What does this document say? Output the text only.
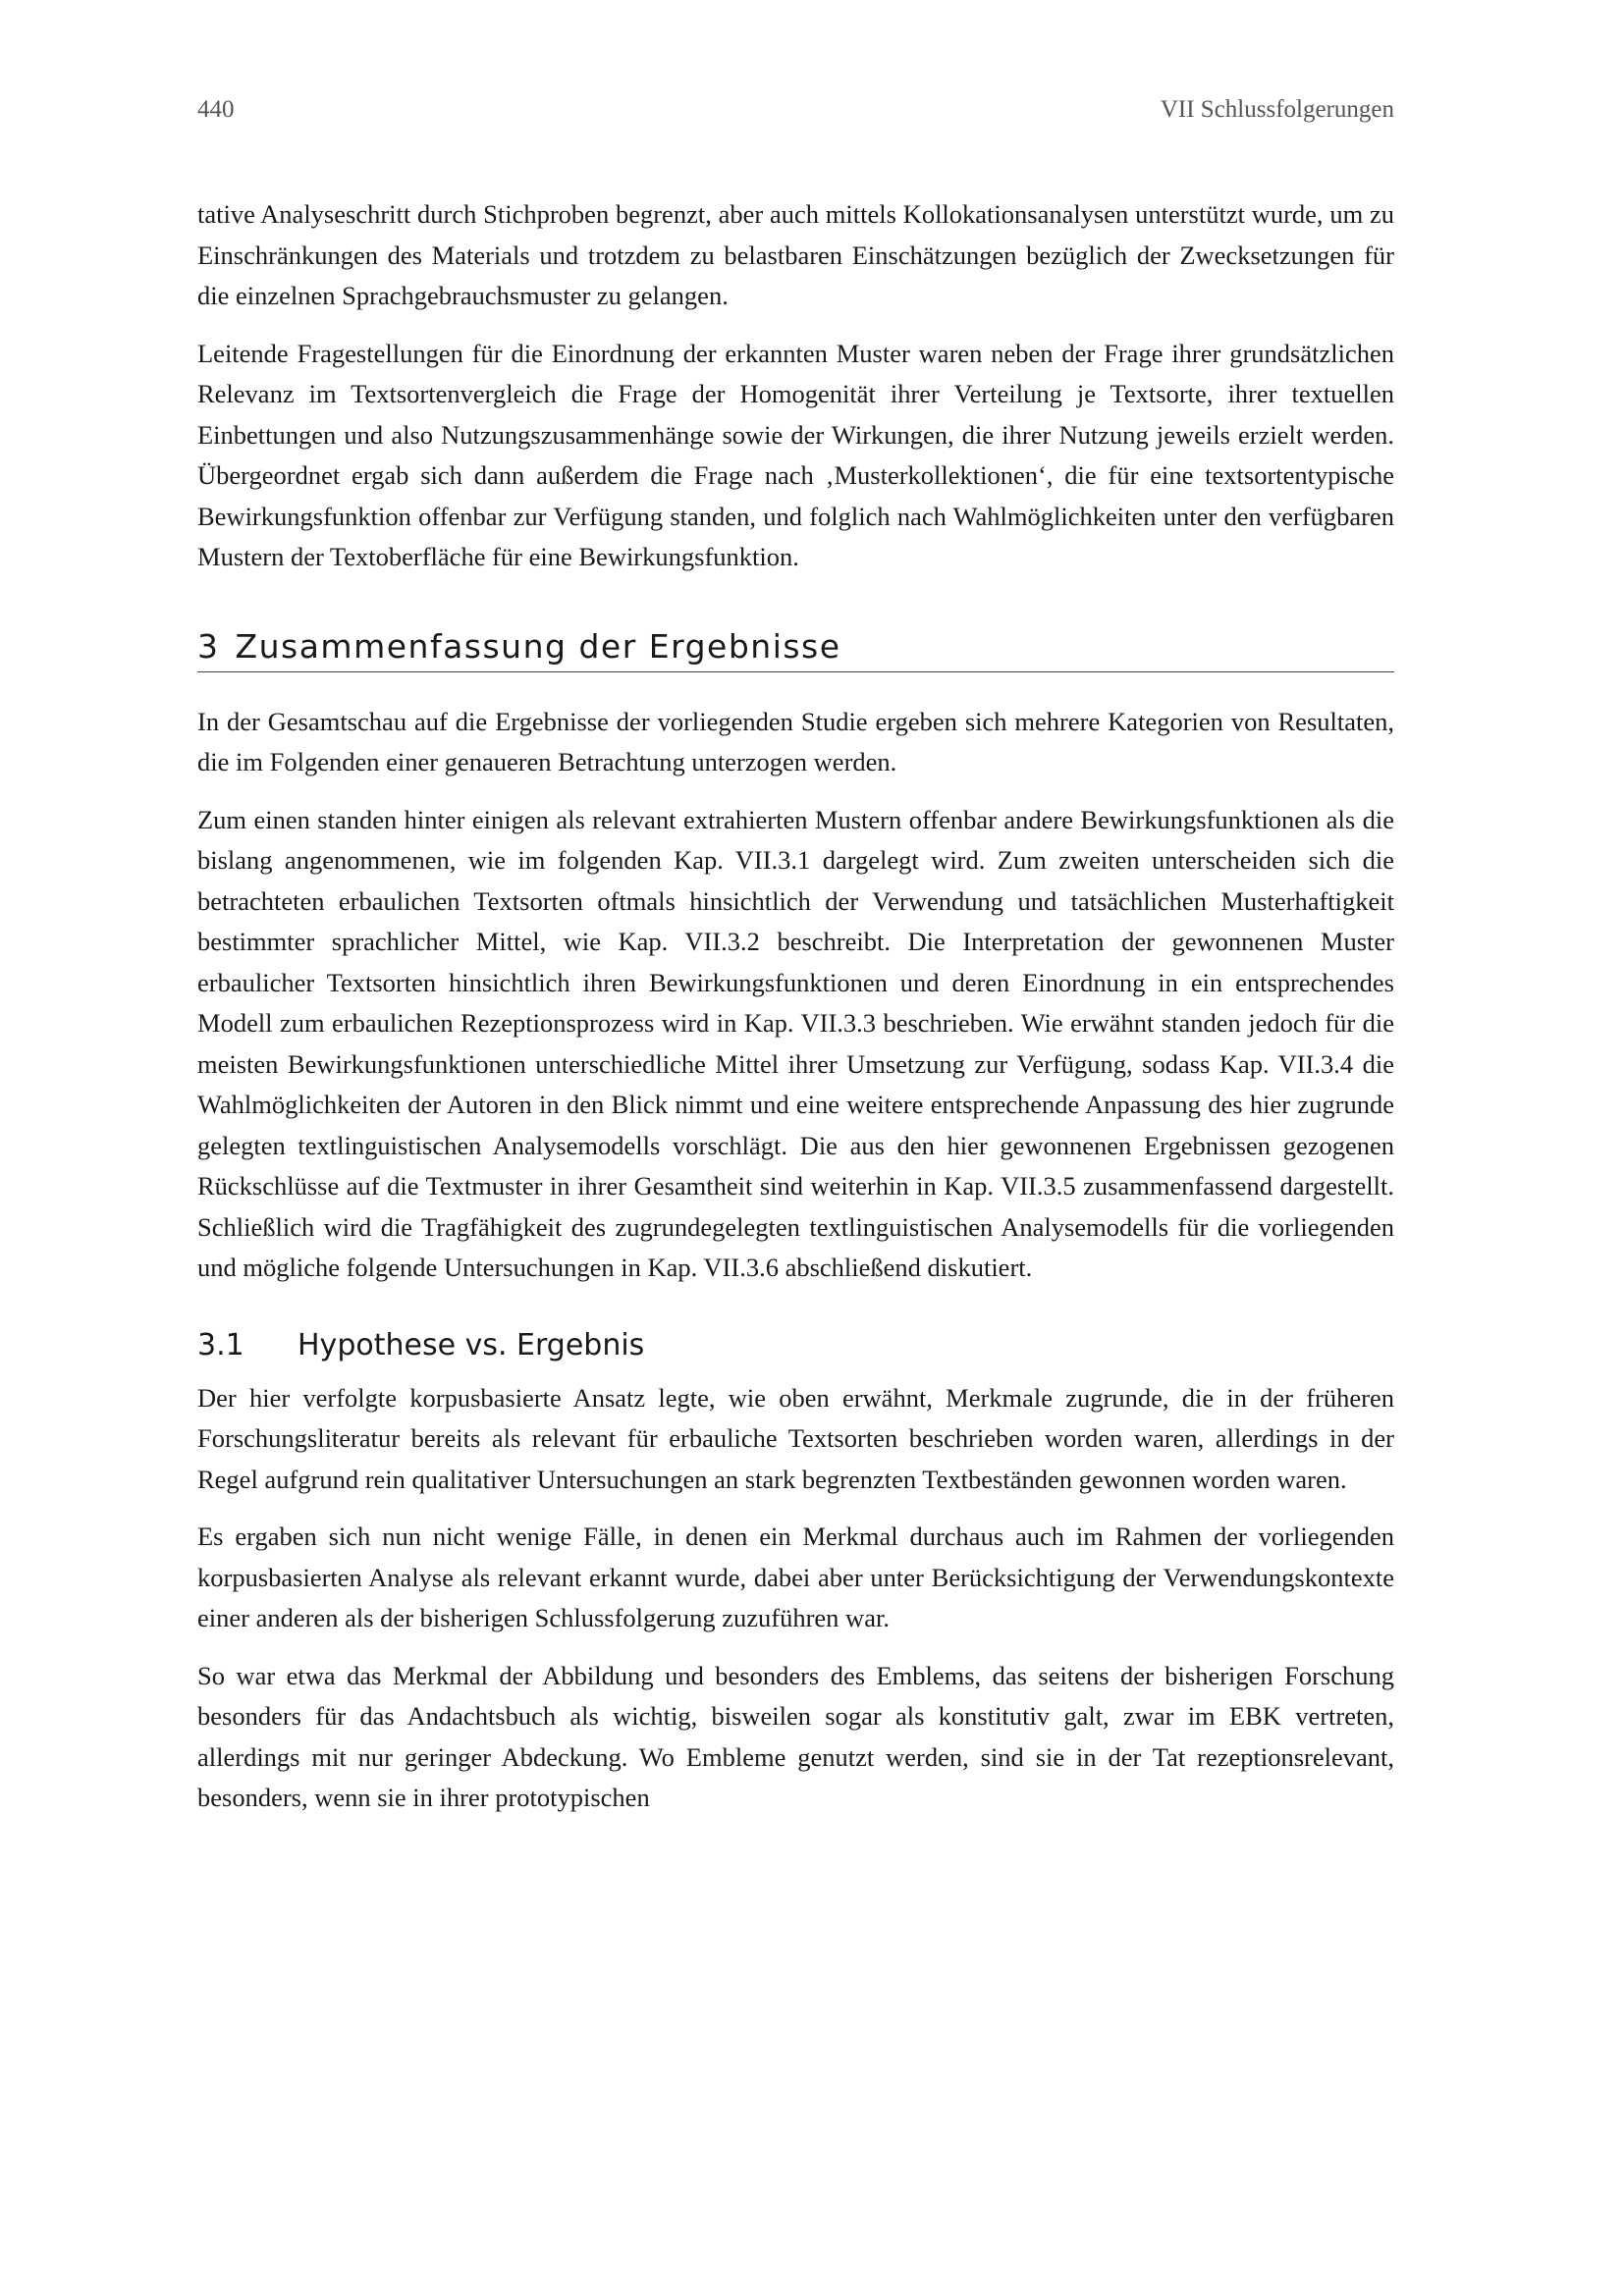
440	VII Schlussfolgerungen

tative Analyseschritt durch Stichproben begrenzt, aber auch mittels Kollokationsanalysen unterstützt wurde, um zu Einschränkungen des Materials und trotzdem zu belastbaren Einschätzungen bezüglich der Zwecksetzungen für die einzelnen Sprachgebrauchsmuster zu gelangen.

Leitende Fragestellungen für die Einordnung der erkannten Muster waren neben der Frage ihrer grundsätzlichen Relevanz im Textsortenvergleich die Frage der Homogenität ihrer Verteilung je Textsorte, ihrer textuellen Einbettungen und also Nutzungszusammenhänge sowie der Wirkungen, die ihrer Nutzung jeweils erzielt werden. Übergeordnet ergab sich dann außerdem die Frage nach ‚Musterkollektionen‘, die für eine textsortentypische Bewirkungsfunktion offenbar zur Verfügung standen, und folglich nach Wahlmöglichkeiten unter den verfügbaren Mustern der Textoberfläche für eine Bewirkungsfunktion.

3 Zusammenfassung der Ergebnisse

In der Gesamtschau auf die Ergebnisse der vorliegenden Studie ergeben sich mehrere Kategorien von Resultaten, die im Folgenden einer genaueren Betrachtung unterzogen werden.

Zum einen standen hinter einigen als relevant extrahierten Mustern offenbar andere Bewirkungsfunktionen als die bislang angenommenen, wie im folgenden Kap. VII.3.1 dargelegt wird. Zum zweiten unterscheiden sich die betrachteten erbaulichen Textsorten oftmals hinsichtlich der Verwendung und tatsächlichen Musterhaftigkeit bestimmter sprachlicher Mittel, wie Kap. VII.3.2 beschreibt. Die Interpretation der gewonnenen Muster erbaulicher Textsorten hinsichtlich ihren Bewirkungsfunktionen und deren Einordnung in ein entsprechendes Modell zum erbaulichen Rezeptionsprozess wird in Kap. VII.3.3 beschrieben. Wie erwähnt standen jedoch für die meisten Bewirkungsfunktionen unterschiedliche Mittel ihrer Umsetzung zur Verfügung, sodass Kap. VII.3.4 die Wahlmöglichkeiten der Autoren in den Blick nimmt und eine weitere entsprechende Anpassung des hier zugrunde gelegten textlinguistischen Analysemodells vorschlägt. Die aus den hier gewonnenen Ergebnissen gezogenen Rückschlüsse auf die Textmuster in ihrer Gesamtheit sind weiterhin in Kap. VII.3.5 zusammenfassend dargestellt. Schließlich wird die Tragfähigkeit des zugrundegelegten textlinguistischen Analysemodells für die vorliegenden und mögliche folgende Untersuchungen in Kap. VII.3.6 abschließend diskutiert.

3.1 Hypothese vs. Ergebnis

Der hier verfolgte korpusbasierte Ansatz legte, wie oben erwähnt, Merkmale zugrunde, die in der früheren Forschungsliteratur bereits als relevant für erbauliche Textsorten beschrieben worden waren, allerdings in der Regel aufgrund rein qualitativer Untersuchungen an stark begrenzten Textbeständen gewonnen worden waren.

Es ergaben sich nun nicht wenige Fälle, in denen ein Merkmal durchaus auch im Rahmen der vorliegenden korpusbasierten Analyse als relevant erkannt wurde, dabei aber unter Berücksichtigung der Verwendungskontexte einer anderen als der bisherigen Schlussfolgerung zuzuführen war.

So war etwa das Merkmal der Abbildung und besonders des Emblems, das seitens der bisherigen Forschung besonders für das Andachtsbuch als wichtig, bisweilen sogar als konstitutiv galt, zwar im EBK vertreten, allerdings mit nur geringer Abdeckung. Wo Embleme genutzt werden, sind sie in der Tat rezeptionsrelevant, besonders, wenn sie in ihrer prototypischen
